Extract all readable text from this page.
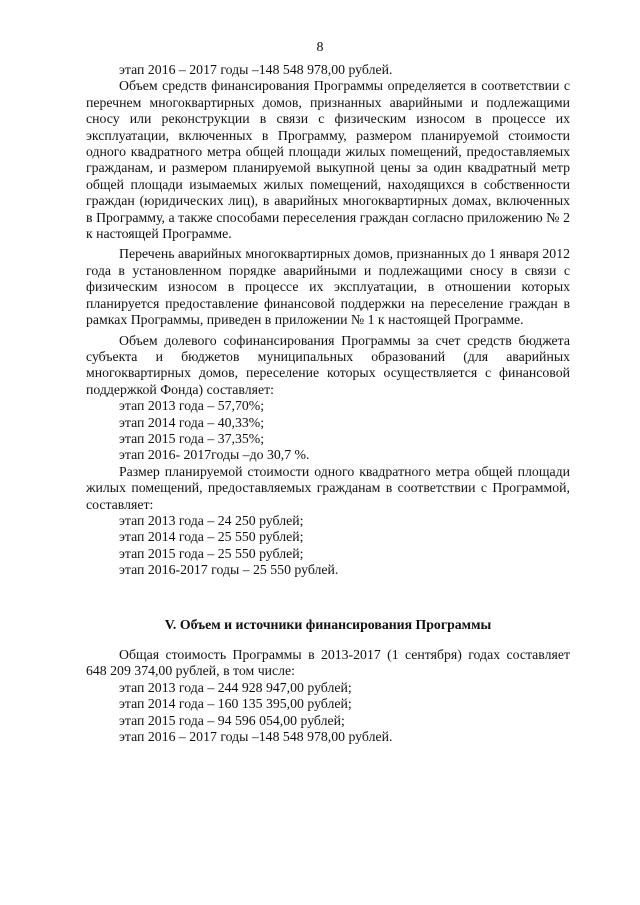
8

этап 2016 – 2017 годы –148 548 978,00 рублей.

Объем средств финансирования Программы определяется в соответствии с перечнем многоквартирных домов, признанных аварийными и подлежащими сносу или реконструкции в связи с физическим износом в процессе их эксплуатации, включенных в Программу, размером планируемой стоимости одного квадратного метра общей площади жилых помещений, предоставляемых гражданам, и размером планируемой выкупной цены за один квадратный метр общей площади изымаемых жилых помещений, находящихся в собственности граждан (юридических лиц), в аварийных многоквартирных домах, включенных в Программу, а также способами переселения граждан согласно приложению № 2 к настоящей Программе.

Перечень аварийных многоквартирных домов, признанных до 1 января 2012 года в установленном порядке аварийными и подлежащими сносу в связи с физическим износом в процессе их эксплуатации, в отношении которых планируется предоставление финансовой поддержки на переселение граждан в рамках Программы, приведен в приложении № 1 к настоящей Программе.

Объем долевого софинансирования Программы за счет средств бюджета субъекта и бюджетов муниципальных образований (для аварийных многоквартирных домов, переселение которых осуществляется с финансовой поддержкой Фонда) составляет:

этап 2013 года – 57,70%;

этап 2014 года – 40,33%;

этап 2015 года – 37,35%;

этап 2016- 2017годы –до 30,7 %.

Размер планируемой стоимости одного квадратного метра общей площади жилых помещений, предоставляемых гражданам в соответствии с Программой, составляет:

этап 2013 года – 24 250 рублей;

этап 2014 года – 25 550 рублей;

этап 2015 года – 25 550 рублей;

этап 2016-2017 годы – 25 550 рублей.

V. Объем и источники финансирования Программы

Общая стоимость Программы в 2013-2017 (1 сентября) годах составляет 648 209 374,00 рублей, в том числе:

этап 2013 года – 244 928 947,00 рублей;

этап 2014 года – 160 135 395,00 рублей;

этап 2015 года – 94 596 054,00 рублей;

этап 2016 – 2017 годы –148 548 978,00 рублей.
